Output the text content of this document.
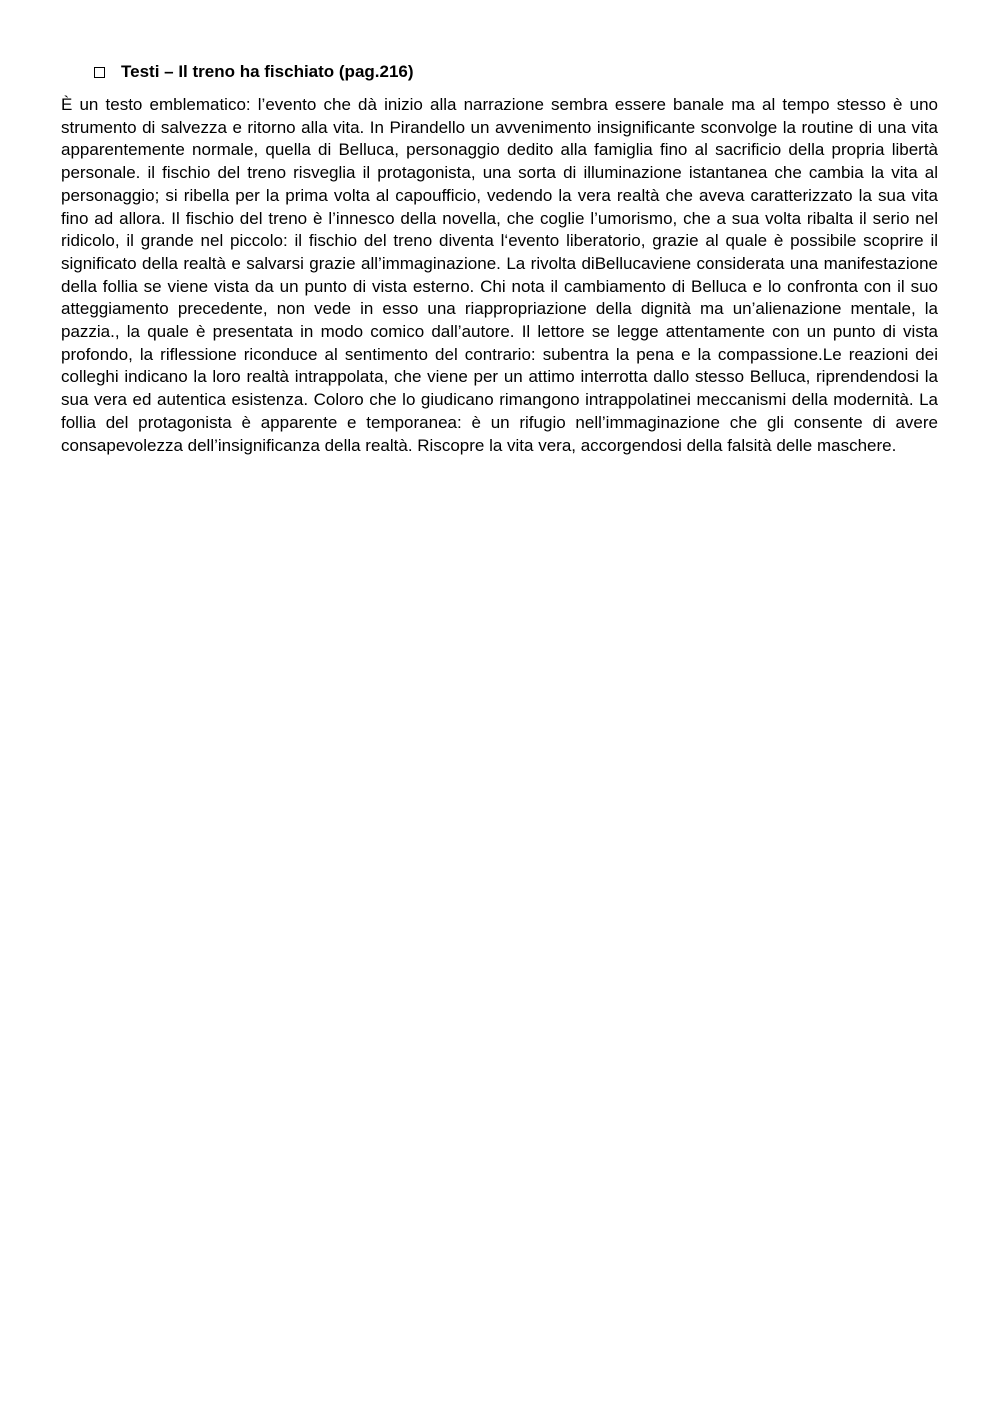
Testi – Il treno ha fischiato (pag.216)

È un testo emblematico: l’evento che dà inizio alla narrazione sembra essere banale ma al tempo stesso è uno strumento di salvezza e ritorno alla vita. In Pirandello un avvenimento insignificante sconvolge la routine di una vita apparentemente normale, quella di Belluca, personaggio dedito alla famiglia fino al sacrificio della propria libertà personale. il fischio del treno risveglia il protagonista, una sorta di illuminazione istantanea che cambia la vita al personaggio; si ribella per la prima volta al capoufficio, vedendo la vera realtà che aveva caratterizzato la sua vita fino ad allora. Il fischio del treno è l’innesco della novella, che coglie l’umorismo, che a sua volta ribalta il serio nel ridicolo, il grande nel piccolo: il fischio del treno diventa l‘evento liberatorio, grazie al quale è possibile scoprire il significato della realtà e salvarsi grazie all’immaginazione. La rivolta diBellucaviene considerata una manifestazione della follia se viene vista da un punto di vista esterno. Chi nota il cambiamento di Belluca e lo confronta con il suo atteggiamento precedente, non vede in esso una riappropriazione della dignità ma un’alienazione mentale, la pazzia., la quale è presentata in modo comico dall’autore. Il lettore se legge attentamente con un punto di vista profondo, la riflessione riconduce al sentimento del contrario: subentra la pena e la compassione.Le reazioni dei colleghi indicano la loro realtà intrappolata, che viene per un attimo interrotta dallo stesso Belluca, riprendendosi la sua vera ed autentica esistenza. Coloro che lo giudicano rimangono intrappolatinei meccanismi della modernità. La follia del protagonista è apparente e temporanea: è un rifugio nell’immaginazione che gli consente di avere consapevolezza dell’insignificanza della realtà. Riscopre la vita vera, accorgendosi della falsità delle maschere.
